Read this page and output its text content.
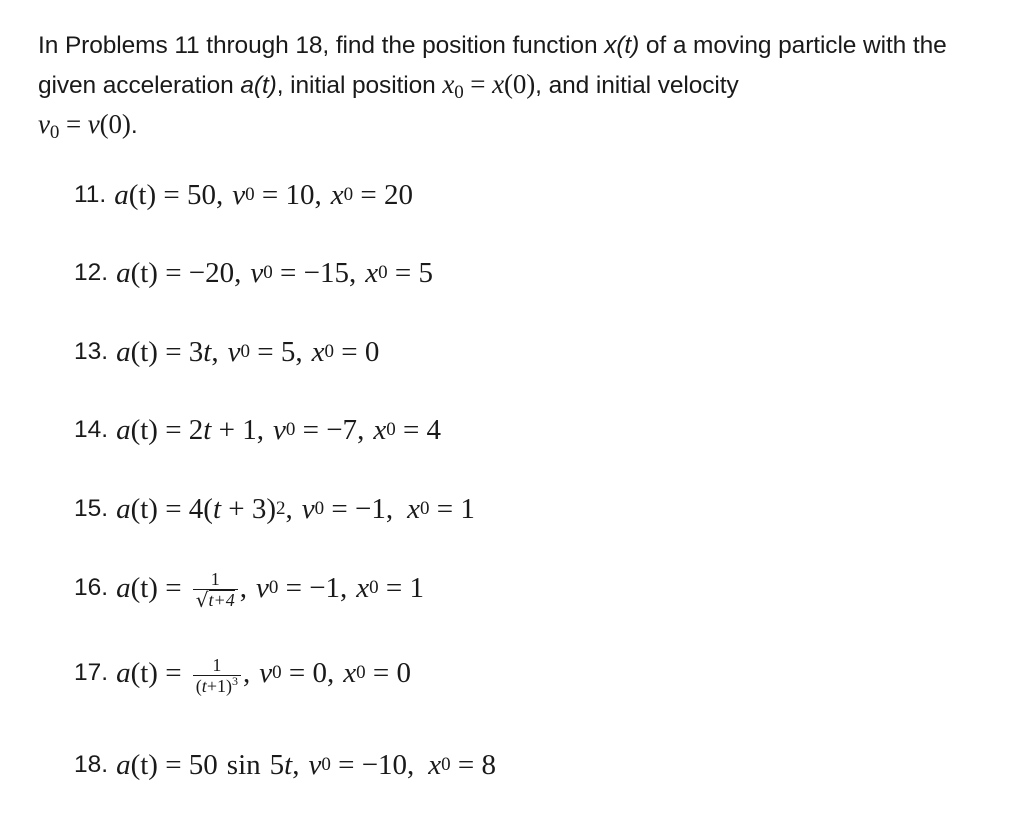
In Problems 11 through 18, find the position function x(t) of a moving particle with the given acceleration a(t), initial position $x_0 = x(0)$, and initial velocity
$v_0 = v(0)$.
11. a (t) = 50 , v 0 = 10 , x 0 = 20
12. a (t) = −20 , v 0 = −15 , x 0 = 5
13. a (t) = 3 t , v 0 = 5 , x 0 = 0
14. a (t) = 2 t + 1 , v 0 = −7 , x 0 = 4
15. a (t) = 4( t + 3) 2 , v 0 = −1 , x 0 = 1
16. a $(t) = \frac{1}{√ t+4}$ , v 0 = −1 , x 0 = 1
17. a $(t) = \frac{1}{(t+1)^3}$ , v 0 = 0 , x 0 = 0
18. a (t) = 50 sin 5 t , v 0 = −10 , x 0 = 8
